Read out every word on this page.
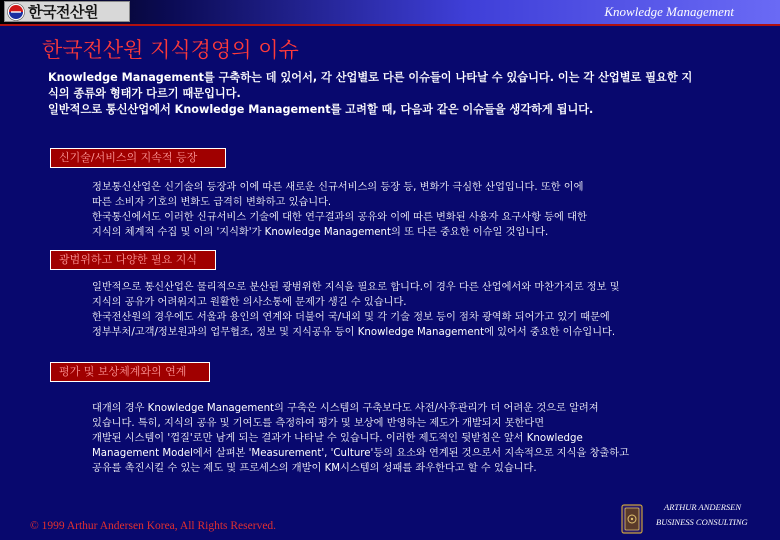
한국전산원	Knowledge Management
한국전산원 지식경영의 이슈

Knowledge Management를 구축하는 데 있어서, 각 산업별로 다른 이슈들이 나타날 수 있습니다. 이는 각 산업별로 필요한 지
식의 종류와 형태가 다르기 때문입니다.
일반적으로 통신산업에서 Knowledge Management를 고려할 때, 다음과 같은 이슈들을 생각하게 됩니다.

신기술/서비스의 지속적 등장

정보통신산업은 신기술의 등장과 이에 따른 새로운 신규서비스의 등장 등, 변화가 극심한 산업입니다. 또한 이에
따른 소비자 기호의 변화도 급격히 변화하고 있습니다.
한국통신에서도 이러한 신규서비스 기술에 대한 연구결과의 공유와 이에 따른 변화된 사용자 요구사항 등에 대한
지식의 체계적 수집 및 이의 '지식화'가 Knowledge Management의 또 다른 중요한 이슈일 것입니다.

광범위하고 다양한 필요 지식

일반적으로 통신산업은 물리적으로 분산된 광범위한 지식을 필요로 합니다.이 경우 다른 산업에서와 마찬가지로 정보 및
지식의 공유가 어려워지고 원활한 의사소통에 문제가 생길 수 있습니다.
한국전산원의 경우에도 서울과 용인의 연계와 더불어 국/내외 및 각 기술 정보 등이 점차 광역화 되어가고 있기 때문에
정부부처/고객/정보원과의 업무협조, 정보 및 지식공유 등이 Knowledge Management에 있어서 중요한 이슈입니다.

평가 및 보상체계와의 연계

대개의 경우 Knowledge Management의 구축은 시스템의 구축보다도 사전/사후관리가 더 어려운 것으로 알려져
있습니다. 특히, 지식의 공유 및 기여도를 측정하여 평가 및 보상에 반영하는 제도가 개발되지 못한다면
개발된 시스템이 '껍질'로만 남게 되는 결과가 나타날 수 있습니다. 이러한 제도적인 뒷받침은 앞서 Knowledge
Management Model에서 살펴본 'Measurement', 'Culture'등의 요소와 연계된 것으로서 지속적으로 지식을 창출하고
공유를 촉진시킬 수 있는 제도 및 프로세스의 개발이 KM시스템의 성패를 좌우한다고 할 수 있습니다.

© 1999 Arthur Andersen Korea, All Rights Reserved.
ARTHUR ANDERSEN
BUSINESS CONSULTING
